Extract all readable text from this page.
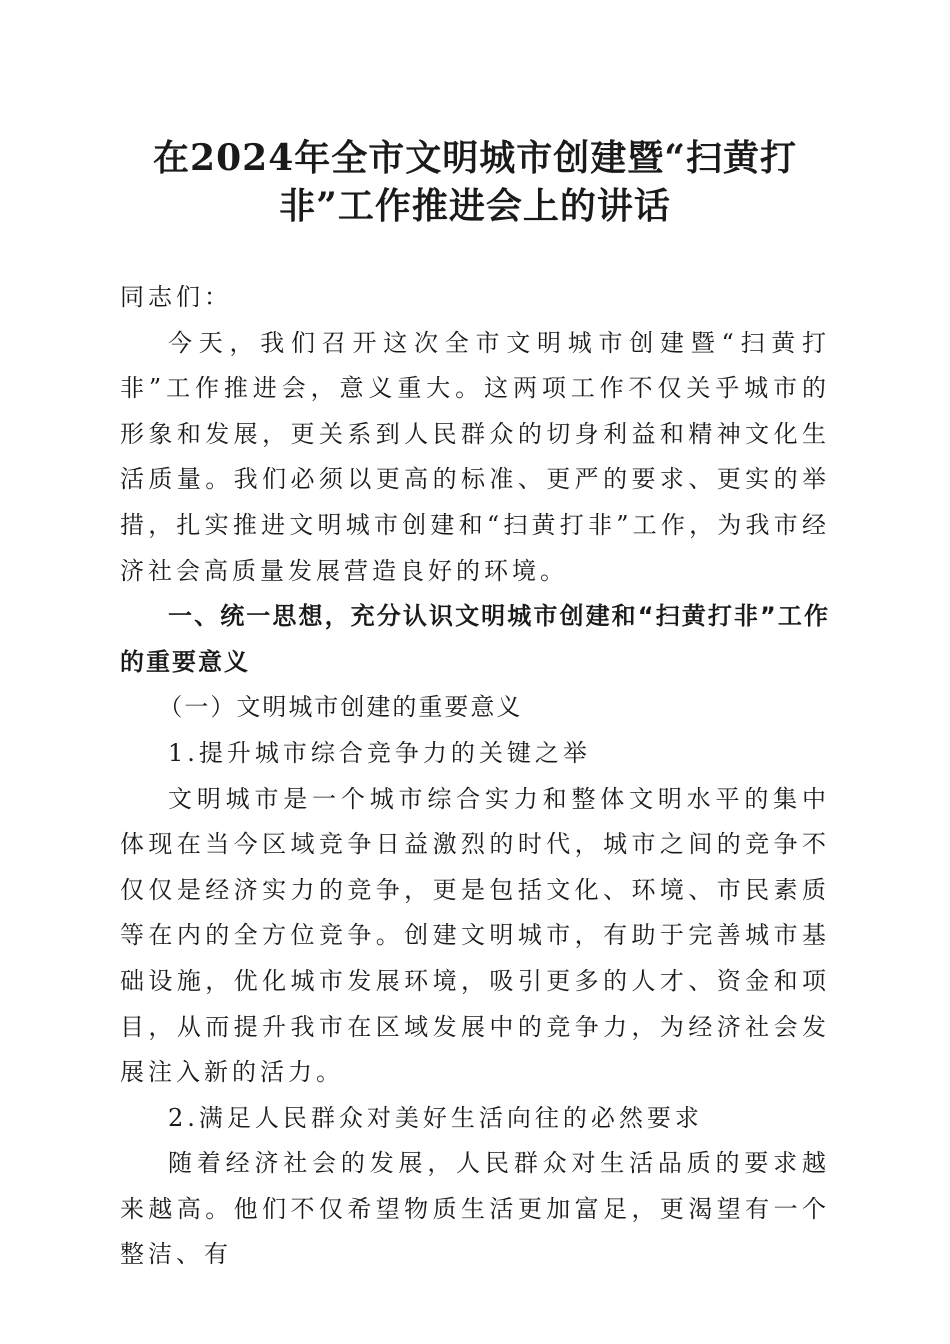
在2024年全市文明城市创建暨“扫黄打
非”工作推进会上的讲话

同志们：

今天，我们召开这次全市文明城市创建暨“扫黄打非”工作推进会，意义重大。这两项工作不仅关乎城市的形象和发展，更关系到人民群众的切身利益和精神文化生活质量。我们必须以更高的标准、更严的要求、更实的举措，扎实推进文明城市创建和“扫黄打非”工作，为我市经济社会高质量发展营造良好的环境。

一、统一思想，充分认识文明城市创建和“扫黄打非”工作的重要意义

（一）文明城市创建的重要意义

1.提升城市综合竞争力的关键之举

文明城市是一个城市综合实力和整体文明水平的集中体现在当今区域竞争日益激烈的时代，城市之间的竞争不仅仅是经济实力的竞争，更是包括文化、环境、市民素质等在内的全方位竞争。创建文明城市，有助于完善城市基础设施，优化城市发展环境，吸引更多的人才、资金和项目，从而提升我市在区域发展中的竞争力，为经济社会发展注入新的活力。

2.满足人民群众对美好生活向往的必然要求

随着经济社会的发展，人民群众对生活品质的要求越来越高。他们不仅希望物质生活更加富足，更渴望有一个整洁、有
